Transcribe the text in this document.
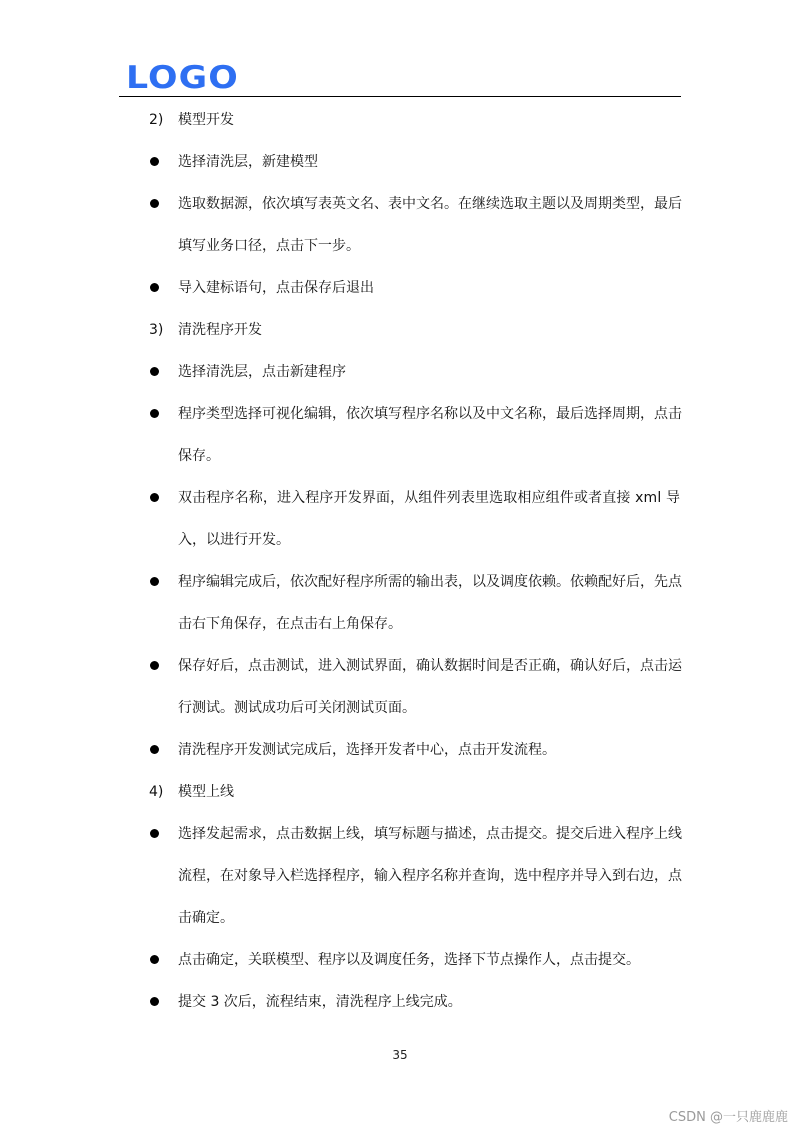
LOGO
2) 模型开发
选择清洗层，新建模型
选 取 数 据 源 ， 依 次 填 写 表 英 文 名 、 表 中 文 名 。 在 继 续 选 取 主 题 以 及 周 期 类 型 ， 最 后
填写业务口径，点击下一步。
导入建标语句，点击保存后退出
3) 清洗程序开发
选择清洗层，点击新建程序
程 序 类 型 选 择 可 视 化 编 辑 ， 依 次 填 写 程 序 名 称 以 及 中 文 名 称 ， 最 后 选 择 周 期 ， 点 击
保存。
双 击 程 序 名 称 ， 进 入 程 序 开 发 界 面 ， 从 组 件 列 表 里 选 取 相 应 组 件 或 者 直 接
x m l
导
入，以进行开发。
程 序 编 辑 完 成 后 ， 依 次 配 好 程 序 所 需 的 输 出 表 ， 以 及 调 度 依 赖 。 依 赖 配 好 后 ， 先 点
击右下角保存，在点击右上角保存。
保 存 好 后 ， 点 击 测 试 ， 进 入 测 试 界 面 ， 确 认 数 据 时 间 是 否 正 确 ， 确 认 好 后 ， 点 击 运
行测试。测试成功后可关闭测试页面。
清洗程序开发测试完成后，选择开发者中心，点击开发流程。
4) 模型上线
选 择 发 起 需 求 ， 点 击 数 据 上 线 ， 填 写 标 题 与 描 述 ， 点 击 提 交 。 提 交 后 进 入 程 序 上 线
流 程 ， 在 对 象 导 入 栏 选 择 程 序 ， 输 入 程 序 名 称 并 查 询 ， 选 中 程 序 并 导 入 到 右 边 ， 点
击确定。
点击确定，关联模型、程序以及调度任务，选择下节点操作人，点击提交。
提交 3 次后，流程结束，清洗程序上线完成。
35
CSDN @一只鹿鹿鹿
